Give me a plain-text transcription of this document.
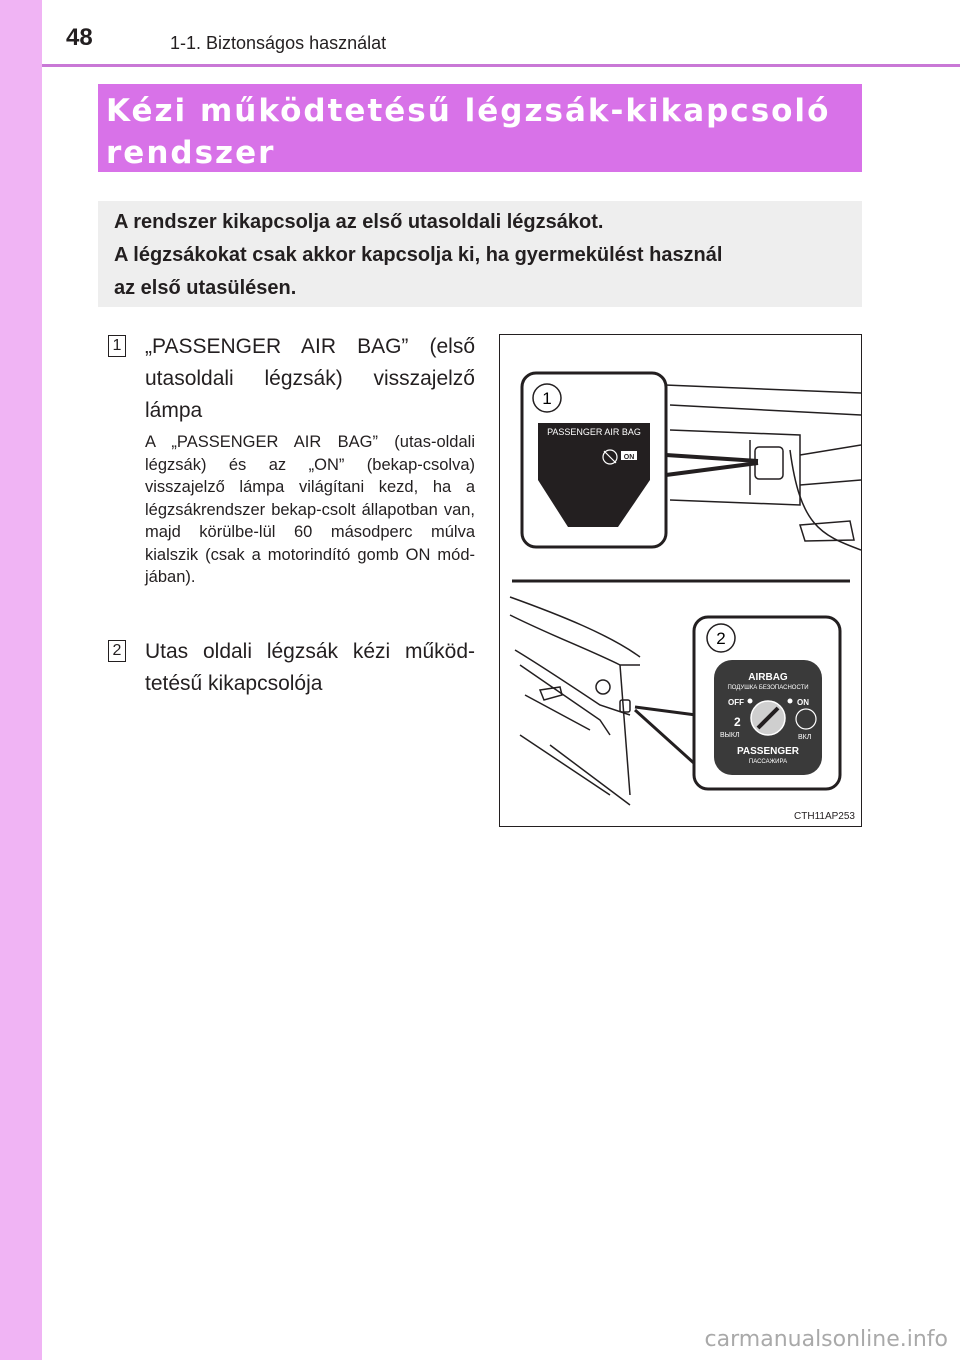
48	1-1. Biztonságos használat
Kézi működtetésű légzsák-kikapcsoló
rendszer
A rendszer kikapcsolja az első utasoldali légzsákot.
A légzsákokat csak akkor kapcsolja ki, ha gyermekülést használ
az első utasülésen.
1 „PASSENGER AIR BAG” (első utasoldali légzsák) visszajelző lámpa
A „PASSENGER AIR BAG” (utas-oldali légzsák) és az „ON” (bekap-csolva) visszajelző lámpa világítani kezd, ha a légzsákrendszer bekap-csolt állapotban van, majd körülbe-lül 60 másodperc múlva kialszik (csak a motorindító gomb ON mód-jában).
2 Utas oldali légzsák kézi működ-tetésű kikapcsolója
1
PASSENGER AIR BAG
ON
2
AIRBAG
ПОДУШКА БЕЗОПАСНОСТИ
OFF	ON
2
ВЫКЛ	ВКЛ
PASSENGER
ПАССАЖИРА
CTH11AP253
carmanualsonline.info
